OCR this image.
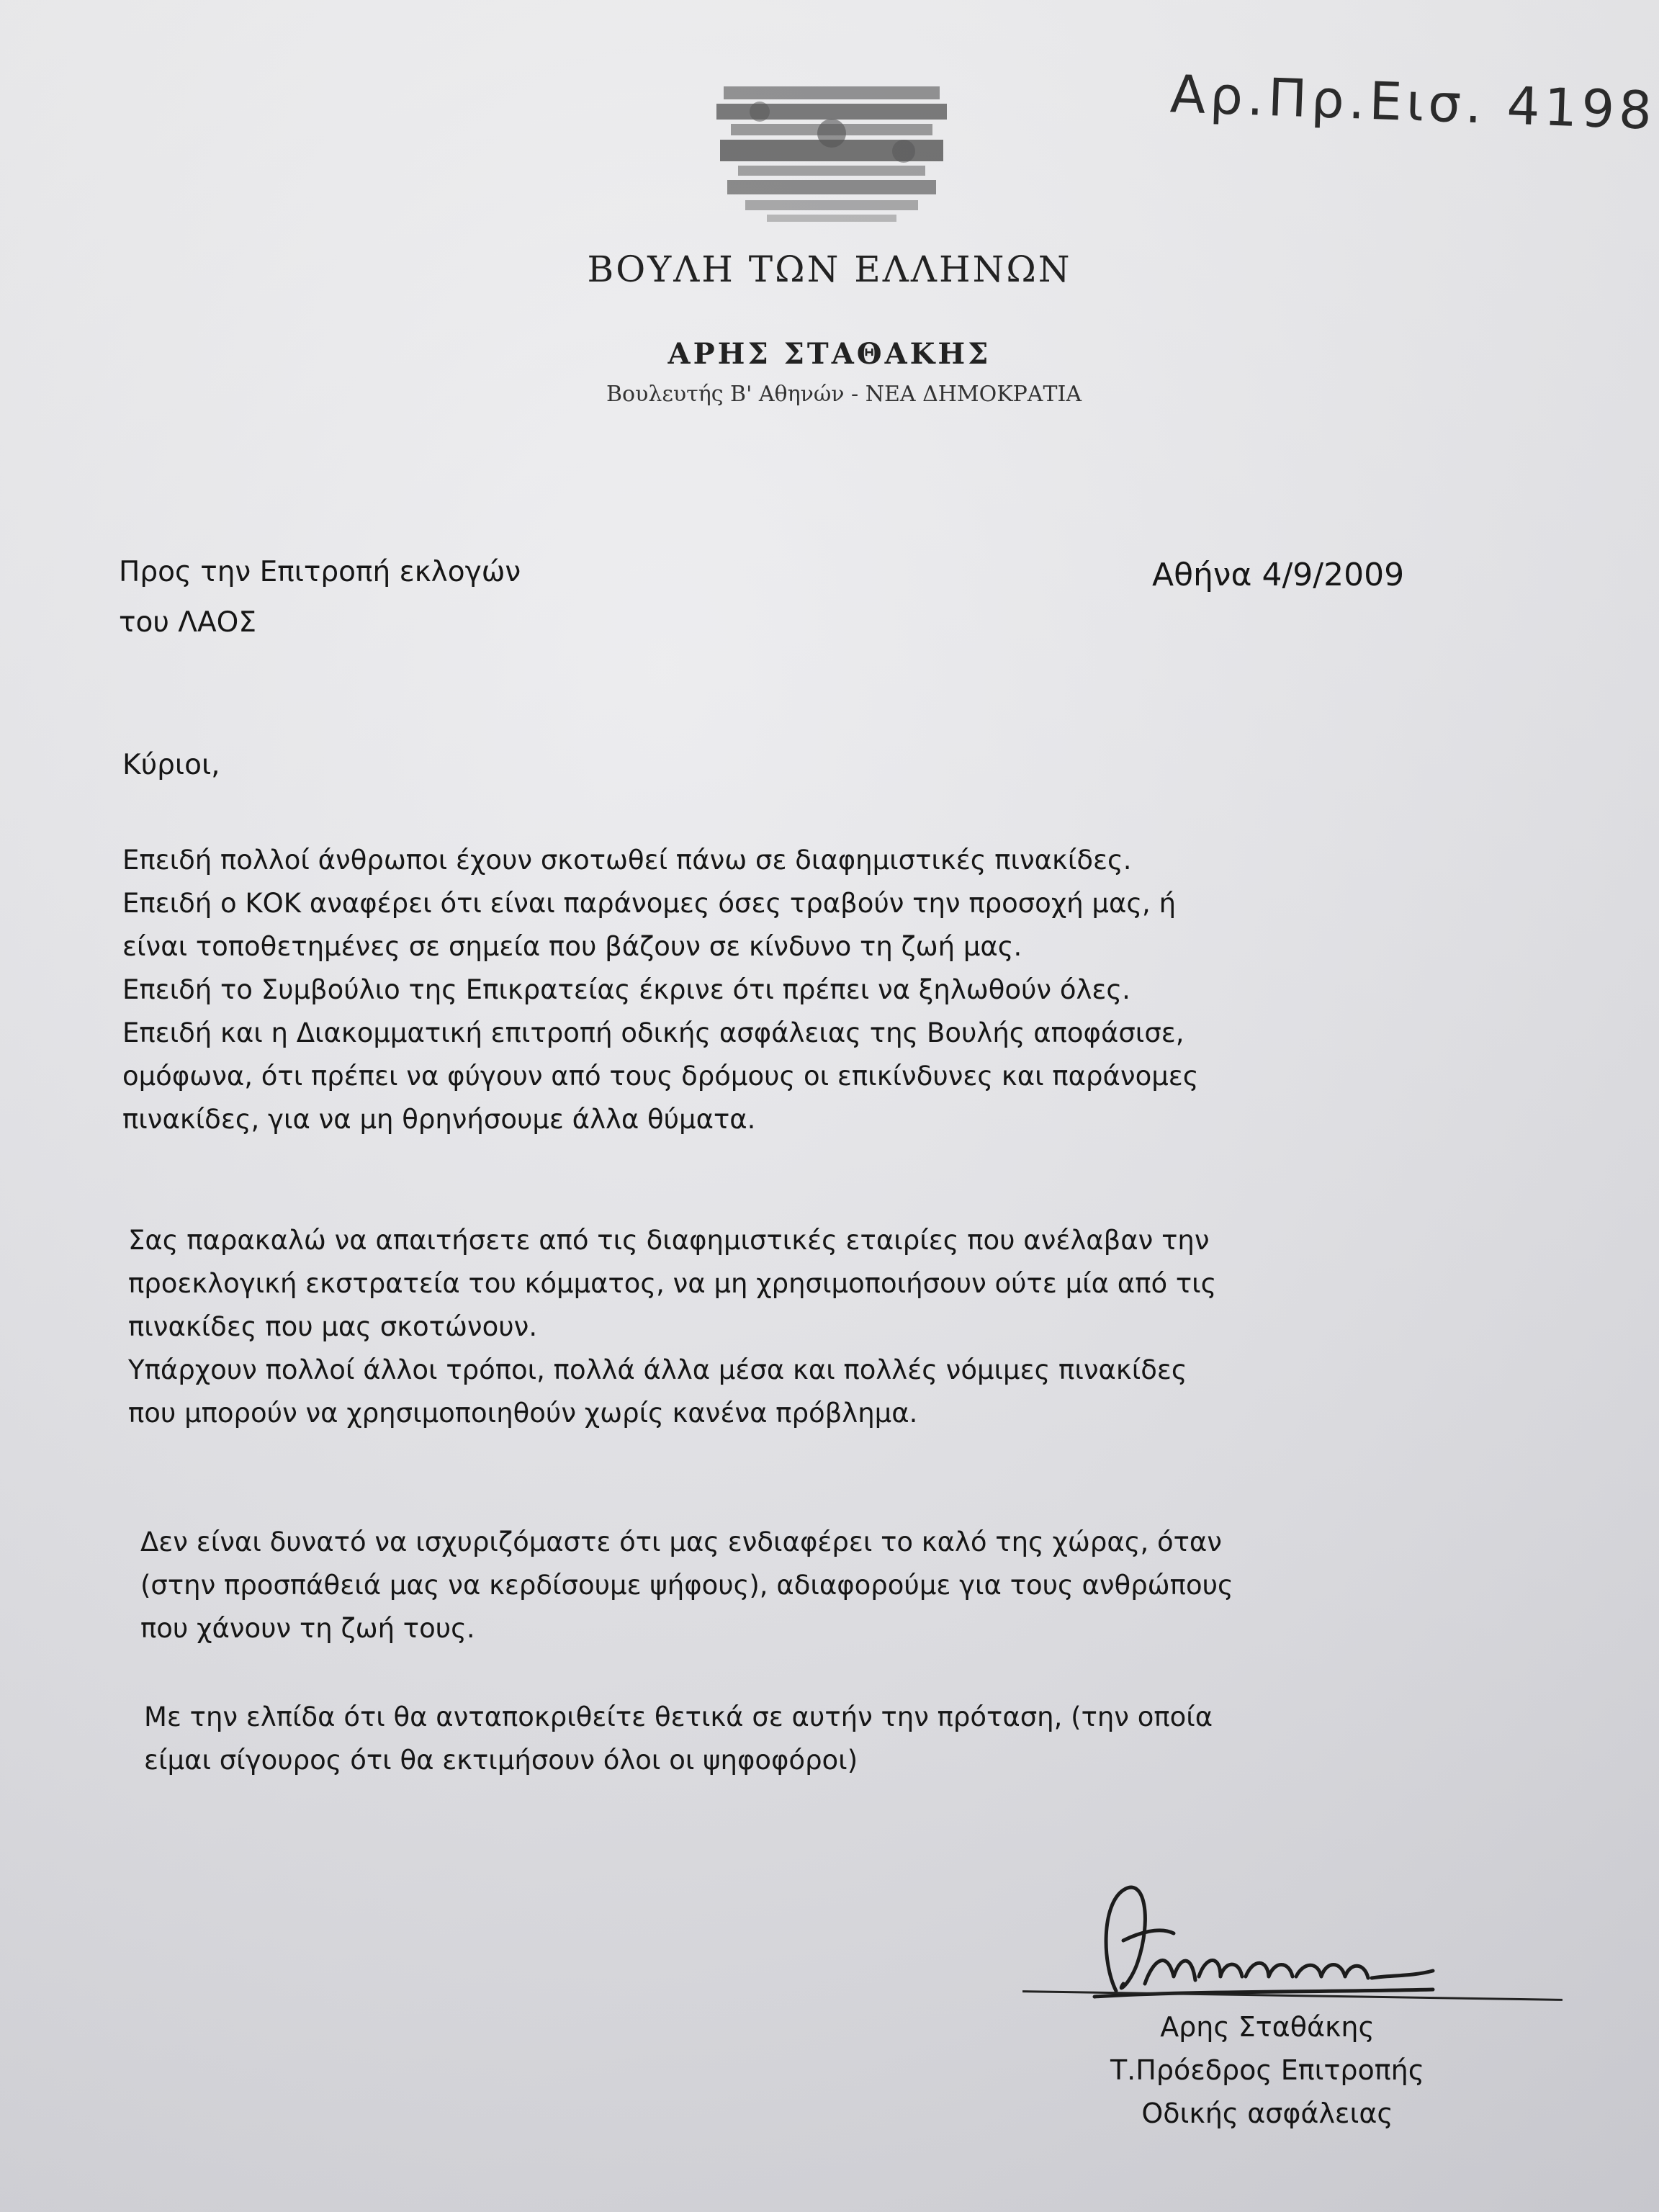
Αρ.Πρ.Εισ. 4198
ΒΟΥΛΗ ΤΩΝ ΕΛΛΗΝΩΝ
ΑΡΗΣ ΣΤΑΘΑΚΗΣ
Βουλευτής Β' Αθηνών - ΝΕΑ ΔΗΜΟΚΡΑΤΙΑ
Προς την Επιτροπή εκλογών
του ΛΑΟΣ
Αθήνα 4/9/2009
Κύριοι,
Επειδή πολλοί άνθρωποι έχουν σκοτωθεί πάνω σε διαφημιστικές πινακίδες.
Επειδή ο ΚΟΚ αναφέρει ότι είναι παράνομες όσες τραβούν την προσοχή μας, ή
είναι τοποθετημένες σε σημεία που βάζουν σε κίνδυνο τη ζωή μας.
Επειδή το Συμβούλιο της Επικρατείας έκρινε ότι πρέπει να ξηλωθούν όλες.
Επειδή και η Διακομματική επιτροπή οδικής ασφάλειας της Βουλής αποφάσισε,
ομόφωνα, ότι πρέπει να φύγουν από τους δρόμους οι επικίνδυνες και παράνομες
πινακίδες, για να μη θρηνήσουμε άλλα θύματα.
Σας παρακαλώ να απαιτήσετε από τις διαφημιστικές εταιρίες που ανέλαβαν την
προεκλογική εκστρατεία του κόμματος, να μη χρησιμοποιήσουν ούτε μία από τις
πινακίδες που μας σκοτώνουν.
Υπάρχουν πολλοί άλλοι τρόποι, πολλά άλλα μέσα και πολλές νόμιμες πινακίδες
που μπορούν να χρησιμοποιηθούν χωρίς κανένα πρόβλημα.
Δεν είναι δυνατό να ισχυριζόμαστε ότι μας ενδιαφέρει το καλό της χώρας, όταν
(στην προσπάθειά μας να κερδίσουμε ψήφους), αδιαφορούμε για τους ανθρώπους
που χάνουν τη ζωή τους.
Με την ελπίδα ότι θα ανταποκριθείτε θετικά σε αυτήν την πρόταση, (την οποία
είμαι σίγουρος ότι θα εκτιμήσουν όλοι οι ψηφοφόροι)
Αρης Σταθάκης
Τ.Πρόεδρος Επιτροπής
Οδικής ασφάλειας
